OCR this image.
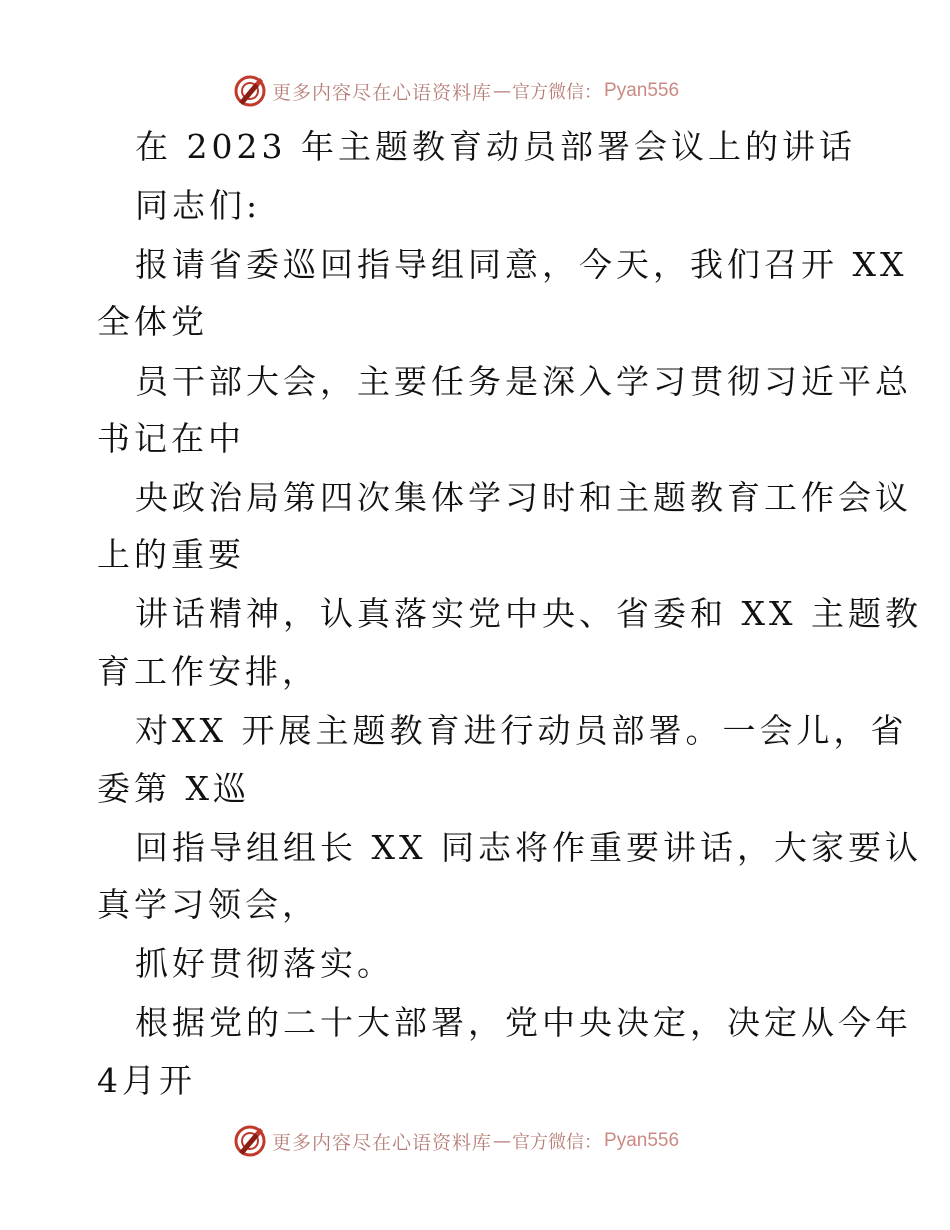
更多内容尽在心语资料库 — 官方微信： Pyan556
在 2023 年主题教育动员部署会议上的讲话
同志们:
报请省委巡回指导组同意，今天，我们召开 XX
全体党
员干部大会，主要任务是深入学习贯彻习近平总
书记在中
央政治局第四次集体学习时和主题教育工作会议
上的重要
讲话精神，认真落实党中央、省委和 XX 主题教
育工作安排，
对XX 开展主题教育进行动员部署。一会儿，省
委第 X巡
回指导组组长 XX 同志将作重要讲话，大家要认
真学习领会，
抓好贯彻落实。
根据党的二十大部署，党中央决定，决定从今年
4月开
更多内容尽在心语资料库 — 官方微信： Pyan556
